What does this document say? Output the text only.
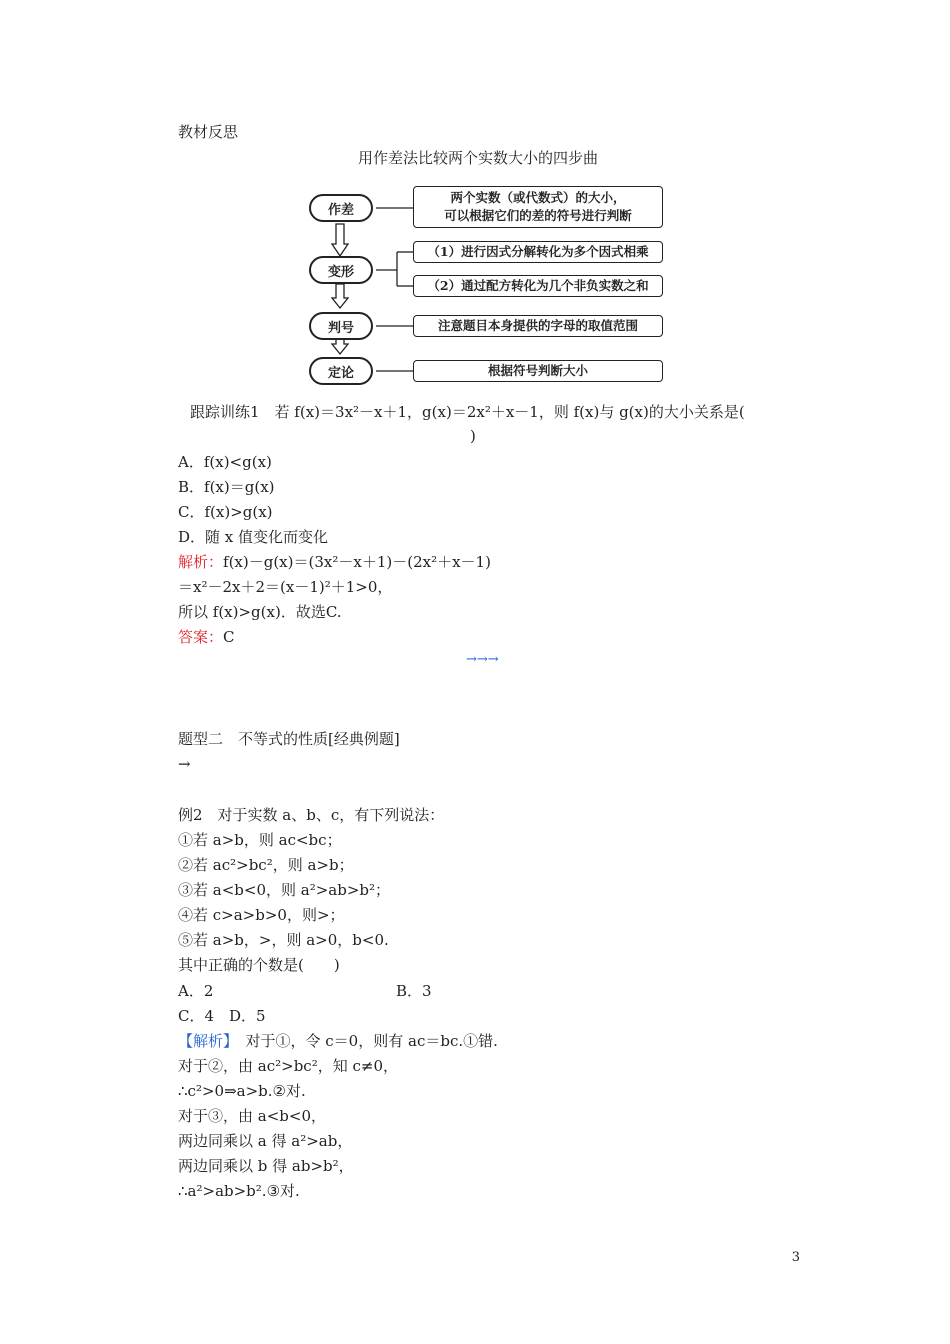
教材反思
用作差法比较两个实数大小的四步曲
作差
变形
判号
定论
两个实数（或代数式）的大小，
可以根据它们的差的符号进行判断
（1）进行因式分解转化为多个因式相乘
（2）通过配方转化为几个非负实数之和
注意题目本身提供的字母的取值范围
根据符号判断大小
跟踪训练1　若 f(x)＝3x²－x＋1，g(x)＝2x²＋x－1，则 f(x)与 g(x)的大小关系是(
)
A．f(x)<g(x)
B．f(x)＝g(x)
C．f(x)>g(x)
D．随 x 值变化而变化
解析：f(x)－g(x)＝(3x²－x＋1)－(2x²＋x－1)
＝x²－2x＋2＝(x－1)²＋1>0，
所以 f(x)>g(x)．故选C.
答案：C
→→→
题型二　不等式的性质[经典例题]
→
例2　对于实数 a、b、c，有下列说法：
①若 a>b，则 ac<bc；
②若 ac²>bc²，则 a>b；
③若 a<b<0，则 a²>ab>b²；
④若 c>a>b>0，则>；
⑤若 a>b，>，则 a>0，b<0.
其中正确的个数是(　　)
A．2	B．3
C．4　D．5
【解析】　对于①，令 c＝0，则有 ac＝bc.①错.
对于②，由 ac²>bc²，知 c≠0，
∴c²>0⇒a>b.②对.
对于③，由 a<b<0，
两边同乘以 a 得 a²>ab，
两边同乘以 b 得 ab>b²，
∴a²>ab>b².③对.
3
